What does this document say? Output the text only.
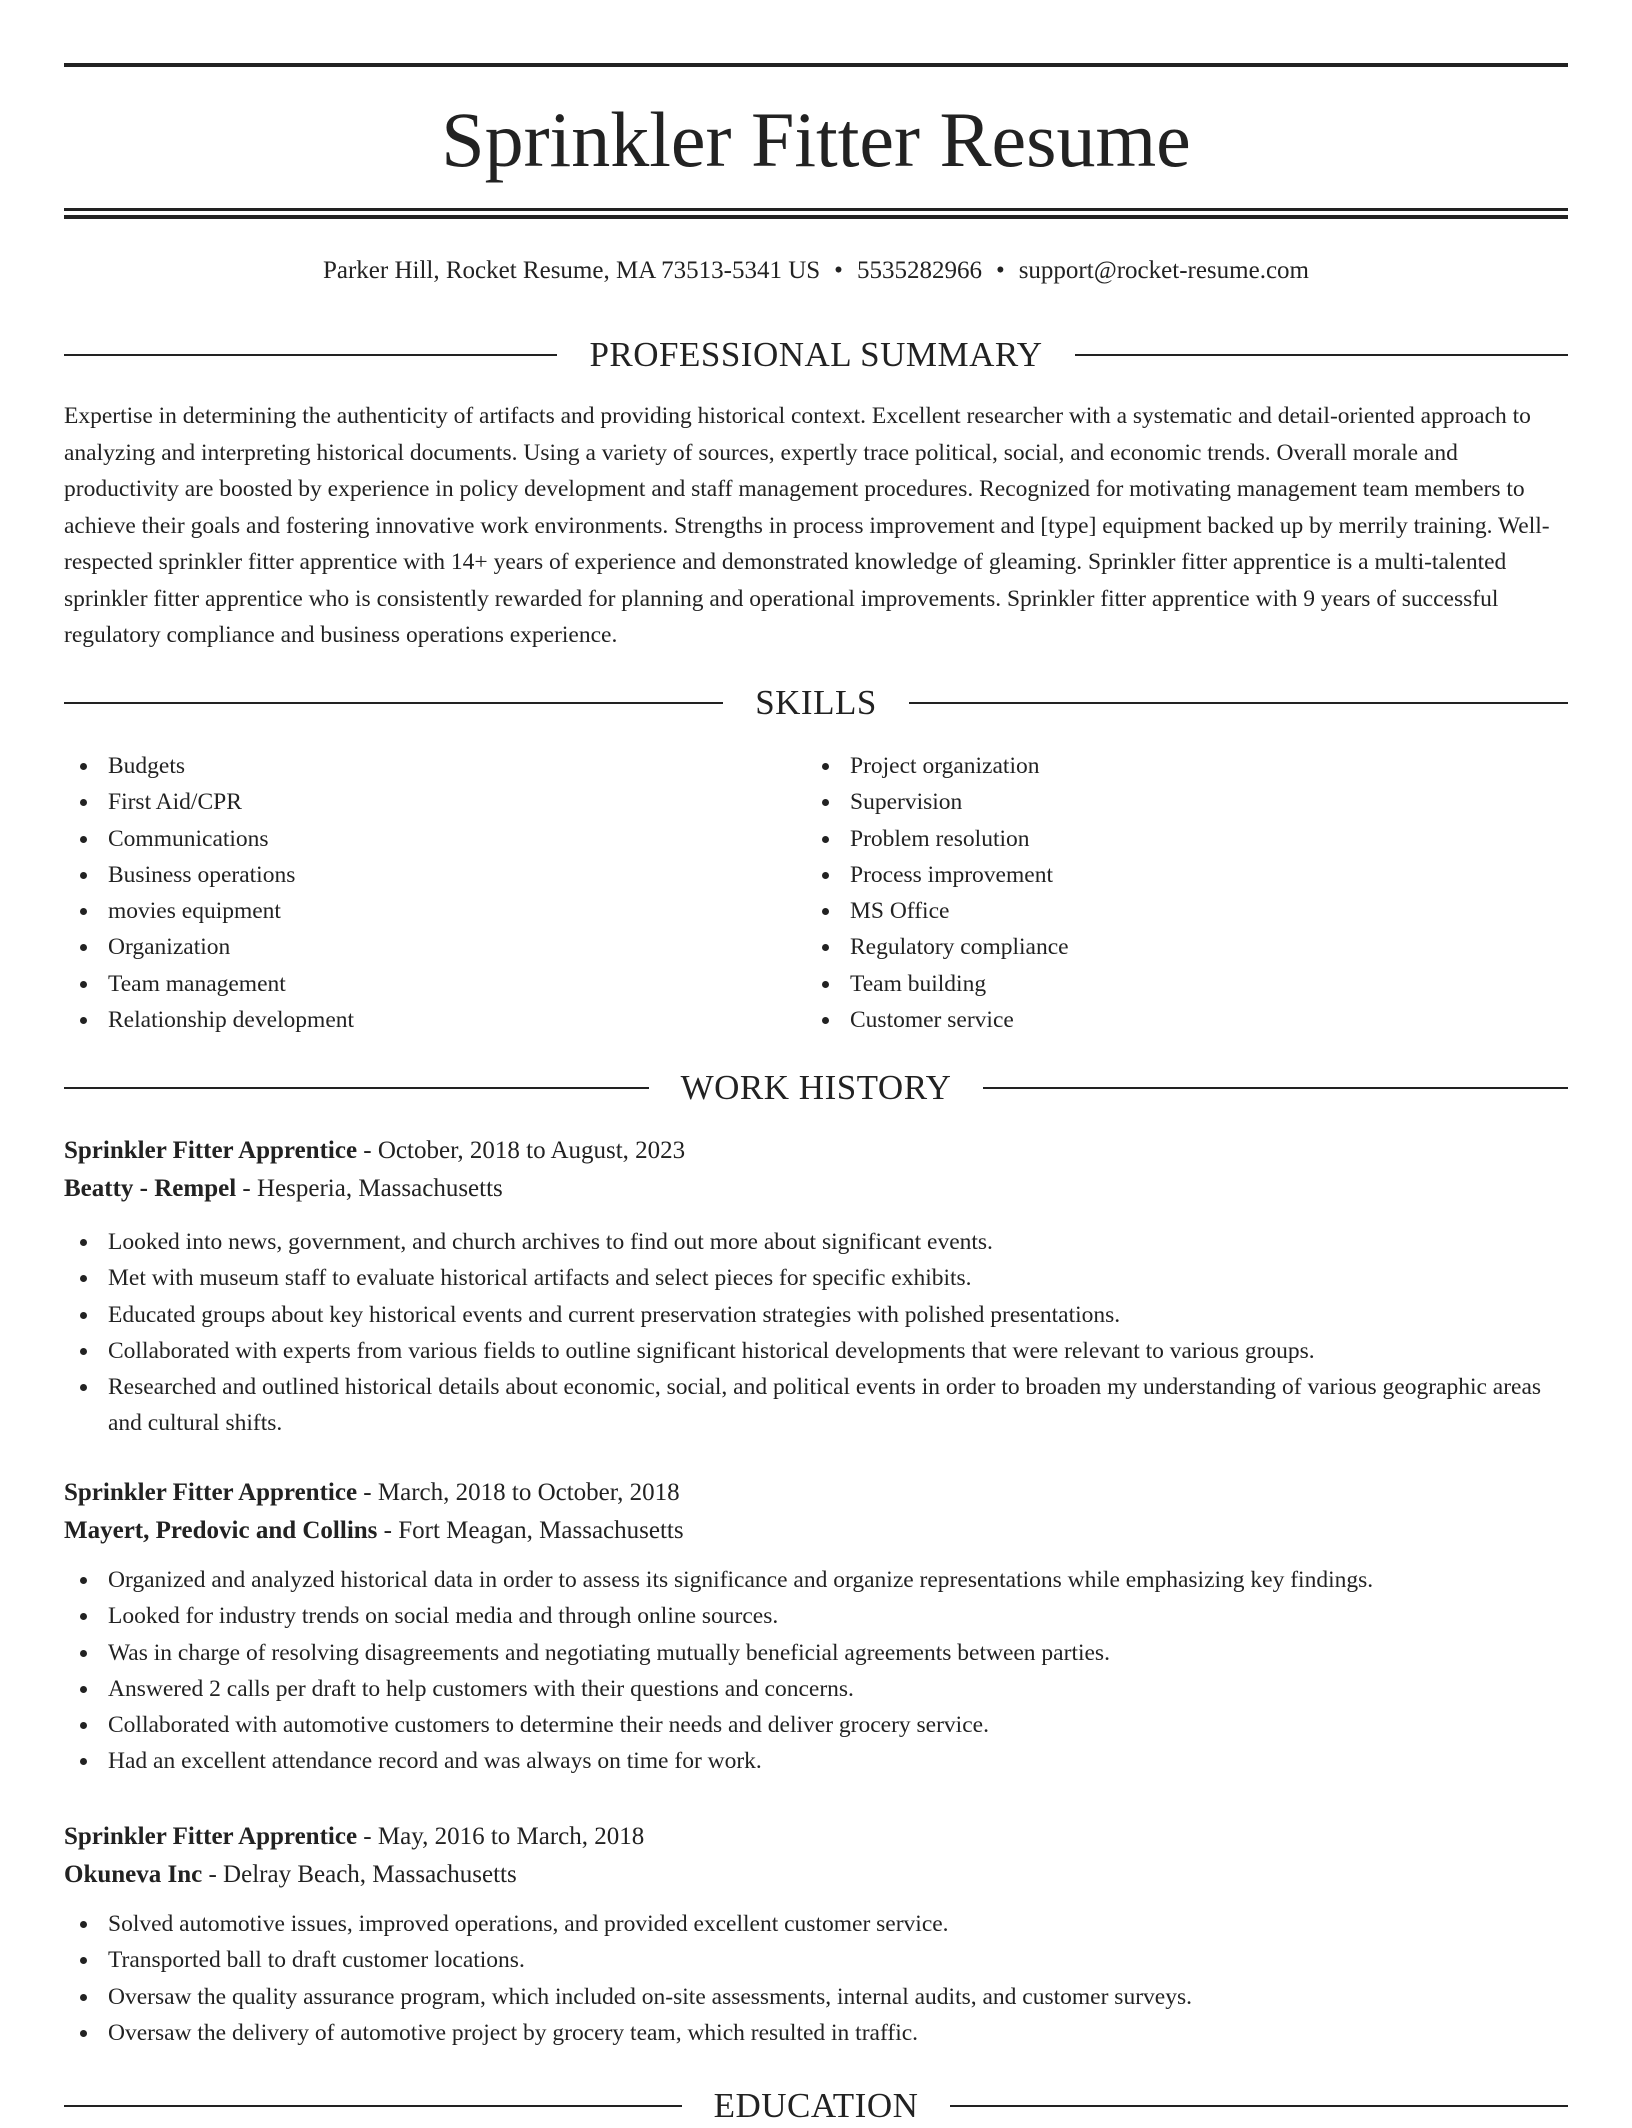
Sprinkler Fitter Resume
Parker Hill, Rocket Resume, MA 73513-5341 US • 5535282966 • support@rocket-resume.com
PROFESSIONAL SUMMARY

Expertise in determining the authenticity of artifacts and providing historical context. Excellent researcher with a systematic and detail-oriented approach to analyzing and interpreting historical documents. Using a variety of sources, expertly trace political, social, and economic trends. Overall morale and productivity are boosted by experience in policy development and staff management procedures. Recognized for motivating management team members to achieve their goals and fostering innovative work environments. Strengths in process improvement and [type] equipment backed up by merrily training. Well-respected sprinkler fitter apprentice with 14+ years of experience and demonstrated knowledge of gleaming. Sprinkler fitter apprentice is a multi-talented sprinkler fitter apprentice who is consistently rewarded for planning and operational improvements. Sprinkler fitter apprentice with 9 years of successful regulatory compliance and business operations experience.

SKILLS
Budgets
First Aid/CPR
Communications
Business operations
movies equipment
Organization
Team management
Relationship development
Project organization
Supervision
Problem resolution
Process improvement
MS Office
Regulatory compliance
Team building
Customer service
WORK HISTORY
Sprinkler Fitter Apprentice - October, 2018 to August, 2023
Beatty - Rempel - Hesperia, Massachusetts
Looked into news, government, and church archives to find out more about significant events.
Met with museum staff to evaluate historical artifacts and select pieces for specific exhibits.
Educated groups about key historical events and current preservation strategies with polished presentations.
Collaborated with experts from various fields to outline significant historical developments that were relevant to various groups.
Researched and outlined historical details about economic, social, and political events in order to broaden my understanding of various geographic areas and cultural shifts.
Sprinkler Fitter Apprentice - March, 2018 to October, 2018
Mayert, Predovic and Collins - Fort Meagan, Massachusetts
Organized and analyzed historical data in order to assess its significance and organize representations while emphasizing key findings.
Looked for industry trends on social media and through online sources.
Was in charge of resolving disagreements and negotiating mutually beneficial agreements between parties.
Answered 2 calls per draft to help customers with their questions and concerns.
Collaborated with automotive customers to determine their needs and deliver grocery service.
Had an excellent attendance record and was always on time for work.
Sprinkler Fitter Apprentice - May, 2016 to March, 2018
Okuneva Inc - Delray Beach, Massachusetts
Solved automotive issues, improved operations, and provided excellent customer service.
Transported ball to draft customer locations.
Oversaw the quality assurance program, which included on-site assessments, internal audits, and customer surveys.
Oversaw the delivery of automotive project by grocery team, which resulted in traffic.
EDUCATION
